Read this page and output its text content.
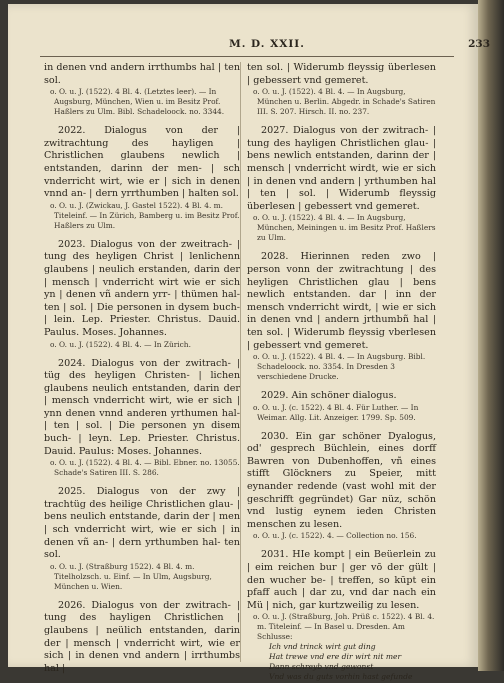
M. D. XXII.	233

in denen vnd andern irrthumbs hal | ten sol.

o. O. u. J. (1522). 4 Bl. 4. (Letztes leer). — In Augsburg, München, Wien u. im Besitz Prof. Haßlers zu Ulm. Bibl. Schadeloock. no. 3344.

2022. Dialogus von der | zwitrachtung des hayligen | Christlichen glaubens newlich | entstanden, darinn der men- | sch vnderricht wirt, wie er | sich in denen vnnd an- | dern yrrthumben | halten sol.

o. O. u. J. (Zwickau, J. Gastel 1522). 4 Bl. 4. m. Titeleinf. — In Zürich, Bamberg u. im Besitz Prof. Haßlers zu Ulm.

2023. Dialogus von der zweitrach- | tung des heyligen Christ | lenlichenn glaubens | neulich erstanden, darin der | mensch | vnderricht wirt wie er sich yn | denen vñ andern yrr- | thümen hal- ten | sol. | Die personen in dysem buch- | lein. Lep. Priester. Christus. Dauid. Paulus. Moses. Johannes.

o. O. u. J. (1522). 4 Bl. 4. — In Zürich.

2024. Dialogus von der zwitrach- | tüg des heyligen Christen- | lichen glaubens neulich entstanden, darin der | mensch vnderricht wirt, wie er sich | ynn denen vnnd anderen yrthumen hal- | ten | sol. | Die personen yn disem buch- | leyn. Lep. Priester. Christus. Dauid. Paulus: Moses. Johannes.

o. O. u. J. (1522). 4 Bl. 4. — Bibl. Ebner. no. 13055. Schade's Satiren III. S. 286.

2025. Dialogus von der zwy | trachtüg des heilige Christlichen glau- | bens neulich entstande, darin der | men | sch vnderricht wirt, wie er sich | in denen vñ an- | dern yrthumben hal- ten sol.

o. O. u. J. (Straßburg 1522). 4 Bl. 4. m. Titelholzsch. u. Einf. — In Ulm, Augsburg, München u. Wien.

2026. Dialogus von der zwitrach- | tung des hayligen Christlichen | glaubens | neülich entstanden, darin der | mensch | vnderricht wirt, wie er sich | in denen vnd andern | irrthumbs hal |

ten sol. | Widerumb fleyssig überlesen | gebessert vnd gemeret.

o. O. u. J. (1522). 4 Bl. 4. — In Augsburg, München u. Berlin. Abgedr. in Schade's Satiren III. S. 207. Hirsch. II. no. 237.

2027. Dialogus von der zwitrach- | tung des hayligen Christlichen glau- | bens newlich entstanden, darinn der | mensch | vnderricht wirdt, wie er sich | in denen vnd andern | yrthumben hal | ten | sol. | Widerumb fleyssig überlesen | gebessert vnd gemeret.

o. O. u. J. (1522). 4 Bl. 4. — In Augsburg, München, Meiningen u. im Besitz Prof. Haßlers zu Ulm.

2028. Hierinnen reden zwo | person vonn der zwitrachtung | des heyligen Christlichen glau | bens newlich entstanden. dar | inn der mensch vnderricht wirdt, | wie er sich in denen vnd | andern jrthumbñ hal | ten sol. | Widerumb fleyssig vberlesen | gebessert vnd gemeret.

o. O. u. J. (1522). 4 Bl. 4. — In Augsburg. Bibl. Schadeloock. no. 3354. In Dresden 3 verschiedene Drucke.

2029. Ain schöner dialogus.

o. O. u. J. (c. 1522). 4 Bl. 4. Für Luther. — In Weimar. Allg. Lit. Anzeiger. 1799. Sp. 509.

2030. Ein gar schöner Dyalogus, od' gesprech Büchlein, eines dorff Bawren von Dubenhoffen, vñ eines stifft Glöckners zu Speier, mitt eynander redende (vast wohl mit der geschrifft gegründet) Gar nüz, schön vnd lustig eynem ieden Christen menschen zu lesen.

o. O. u. J. (c. 1522). 4. — Collection no. 156.

2031. HIe kompt | ein Beüerlein zu | eim reichen bur | ger vō der gült | den wucher be- | treffen, so kūpt ein pfaff auch | dar zu, vnd dar nach ein Mü | nich, gar kurtzweilig zu lesen.

o. O. u. J. (Straßburg, Joh. Prüß c. 1522). 4 Bl. 4. m. Titeleinf. — In Basel u. Dresden. Am Schlusse:

Ich vnd trinck wirt gut ding

Hat trewe vnd ere dir wirt nit mer

Dann schreyb vnd gewonst

Vnd was du guts vorhin hast gefunde
